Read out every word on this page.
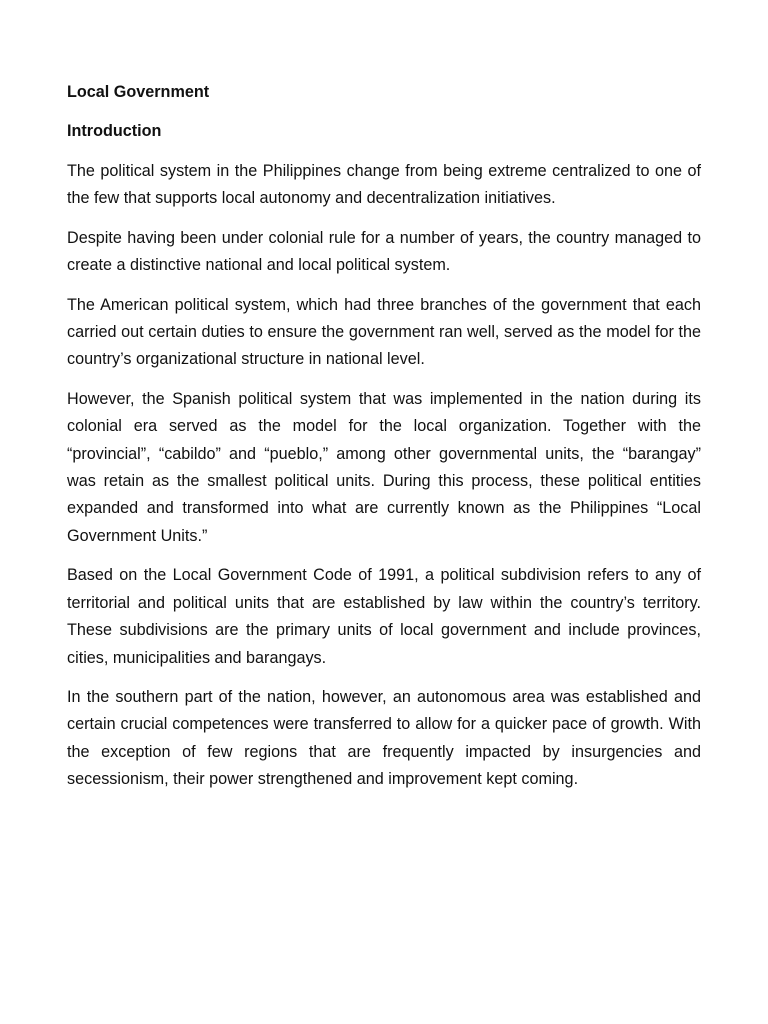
Local Government
Introduction

The political system in the Philippines change from being extreme centralized to one of the few that supports local autonomy and decentralization initiatives.

Despite having been under colonial rule for a number of years, the country managed to create a distinctive national and local political system.

The American political system, which had three branches of the government that each carried out certain duties to ensure the government ran well, served as the model for the country’s organizational structure in national level.

However, the Spanish political system that was implemented in the nation during its colonial era served as the model for the local organization. Together with the “provincial”, “cabildo” and “pueblo,” among other governmental units, the “barangay” was retain as the smallest political units. During this process, these political entities expanded and transformed into what are currently known as the Philippines “Local Government Units.”

Based on the Local Government Code of 1991, a political subdivision refers to any of territorial and political units that are established by law within the country’s territory. These subdivisions are the primary units of local government and include provinces, cities, municipalities and barangays.

In the southern part of the nation, however, an autonomous area was established and certain crucial competences were transferred to allow for a quicker pace of growth. With the exception of few regions that are frequently impacted by insurgencies and secessionism, their power strengthened and improvement kept coming.
